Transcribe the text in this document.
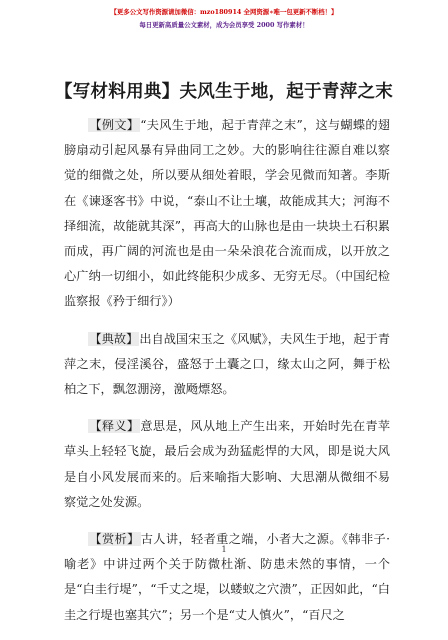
【更多公文写作资源请加微信：mzo180914 全网资源∗唯一包更新不断档！】
每日更新高质量公文素材，成为会员享受 2000 写作素材！
【写材料用典】夫风生于地，起于青萍之末

【例文】“夫风生于地，起于青萍之末”，这与蝴蝶的翅膀扇动引起风暴有异曲同工之妙。大的影响往往源自难以察觉的细微之处，所以要从细处着眼，学会见微而知著。李斯在《谏逐客书》中说，“泰山不让土壤，故能成其大；河海不择细流，故能就其深”，再高大的山脉也是由一块块土石积累而成，再广阔的河流也是由一朵朵浪花合流而成，以开放之心广纳一切细小，如此终能积少成多、无穷无尽。（中国纪检监察报《矜于细行》）

【典故】出自战国宋玉之《风赋》，夫风生于地，起于青萍之末，侵淫溪谷，盛怒于土囊之口，缘太山之阿，舞于松柏之下，飘忽淜滂，激飏熛怒。

【释义】意思是，风从地上产生出来，开始时先在青苹草头上轻轻飞旋，最后会成为劲猛彪悍的大风，即是说大风是自小风发展而来的。后来喻指大影响、大思潮从微细不易察觉之处发源。

【赏析】古人讲，轻者重之端，小者大之源。《韩非子·喻老》中讲过两个关于防微杜渐、防患未然的事情，一个是“白圭行堤”，“千丈之堤，以蝼蚁之穴溃”，正因如此，“白圭之行堤也塞其穴”；另一个是“丈人慎火”，“百尺之

1
